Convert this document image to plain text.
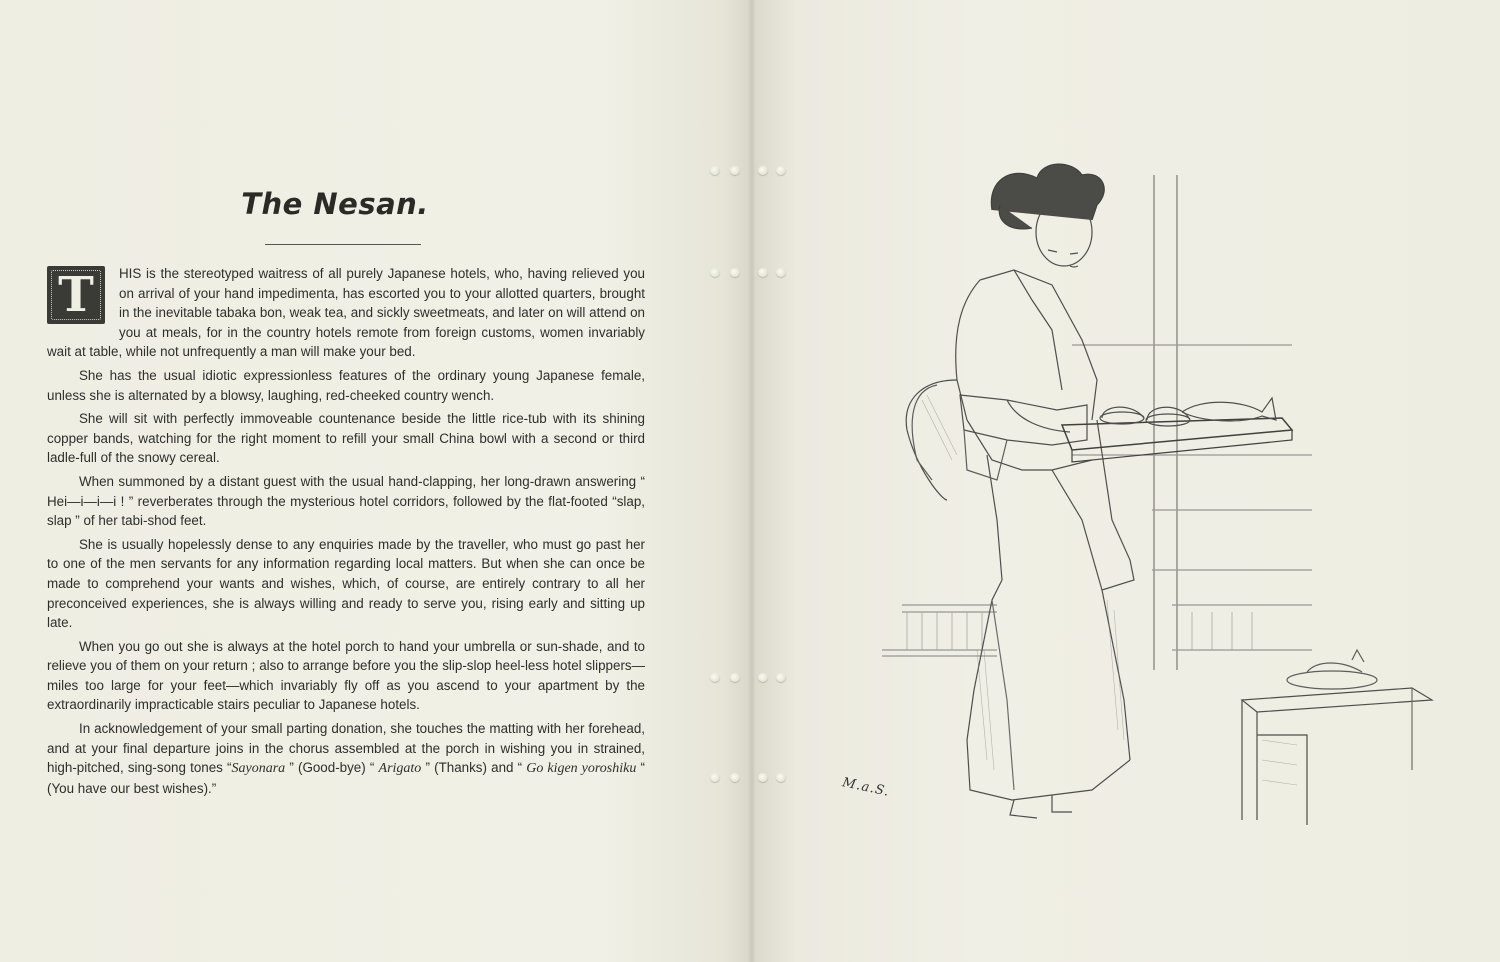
The Nesan.

T	HIS is the stereotyped waitress of all purely Japanese hotels, who, having relieved you on arrival of your hand impedimenta, has escorted you to your allotted quarters, brought in the inevitable tabaka bon, weak tea, and sickly sweetmeats, and later on will attend on you at meals, for in the country hotels remote from foreign customs, women invariably wait at table, while not unfrequently a man will make your bed.

She has the usual idiotic expressionless features of the ordinary young Japanese female, unless she is alternated by a blowsy, laughing, red-cheeked country wench.

She will sit with perfectly immoveable countenance beside the little rice-tub with its shining copper bands, watching for the right moment to refill your small China bowl with a second or third ladle-full of the snowy cereal.

When summoned by a distant guest with the usual hand-clapping, her long-drawn answering “ Hei—i—i—i ! ” reverberates through the mysterious hotel corridors, followed by the flat-footed “slap, slap ” of her tabi-shod feet.

She is usually hopelessly dense to any enquiries made by the traveller, who must go past her to one of the men servants for any information regarding local matters. But when she can once be made to comprehend your wants and wishes, which, of course, are entirely contrary to all her preconceived experiences, she is always willing and ready to serve you, rising early and sitting up late.

When you go out she is always at the hotel porch to hand your umbrella or sun-shade, and to relieve you of them on your return ; also to arrange before you the slip-slop heel-less hotel slippers—miles too large for your feet—which invariably fly off as you ascend to your apartment by the extraordinarily impracticable stairs peculiar to Japanese hotels.

In acknowledgement of your small parting donation, she touches the matting with her forehead, and at your final departure joins in the chorus assembled at the porch in wishing you in strained, high-pitched, sing-song tones “Sayonara ” (Good-bye) “ Arigato ” (Thanks) and “ Go kigen yoroshiku “ (You have our best wishes).”	M.a.S.
